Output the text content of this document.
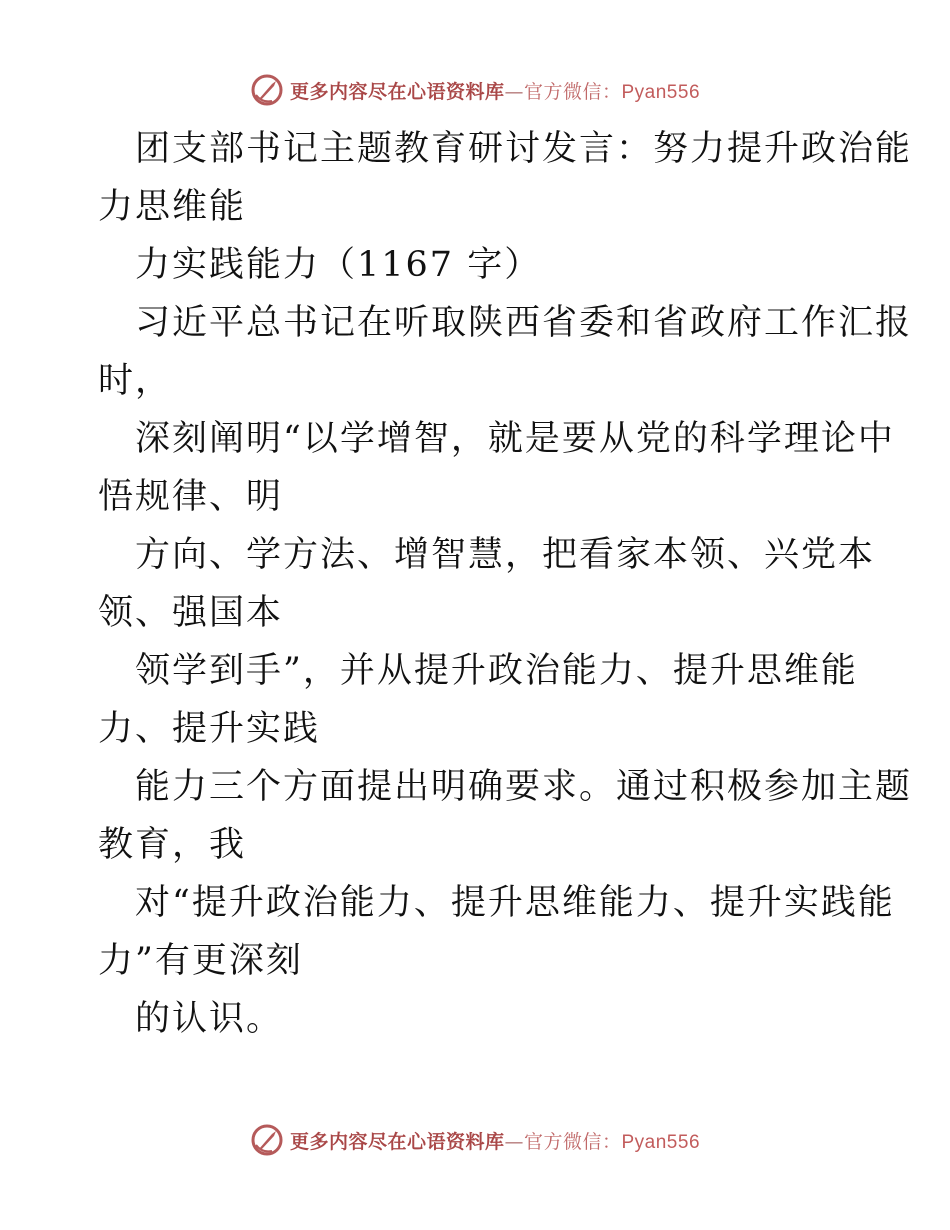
更多内容尽在心语资料库—官方微信：Pyan556
团支部书记主题教育研讨发言：努力提升政治能
力思维能
力实践能力（1167 字）
习近平总书记在听取陕西省委和省政府工作汇报
时，
深刻阐明“以学增智，就是要从党的科学理论中
悟规律、明
方向、学方法、增智慧，把看家本领、兴党本
领、强国本
领学到手”，并从提升政治能力、提升思维能
力、提升实践
能力三个方面提出明确要求。通过积极参加主题
教育，我
对“提升政治能力、提升思维能力、提升实践能
力”有更深刻
的认识。
更多内容尽在心语资料库—官方微信：Pyan556
